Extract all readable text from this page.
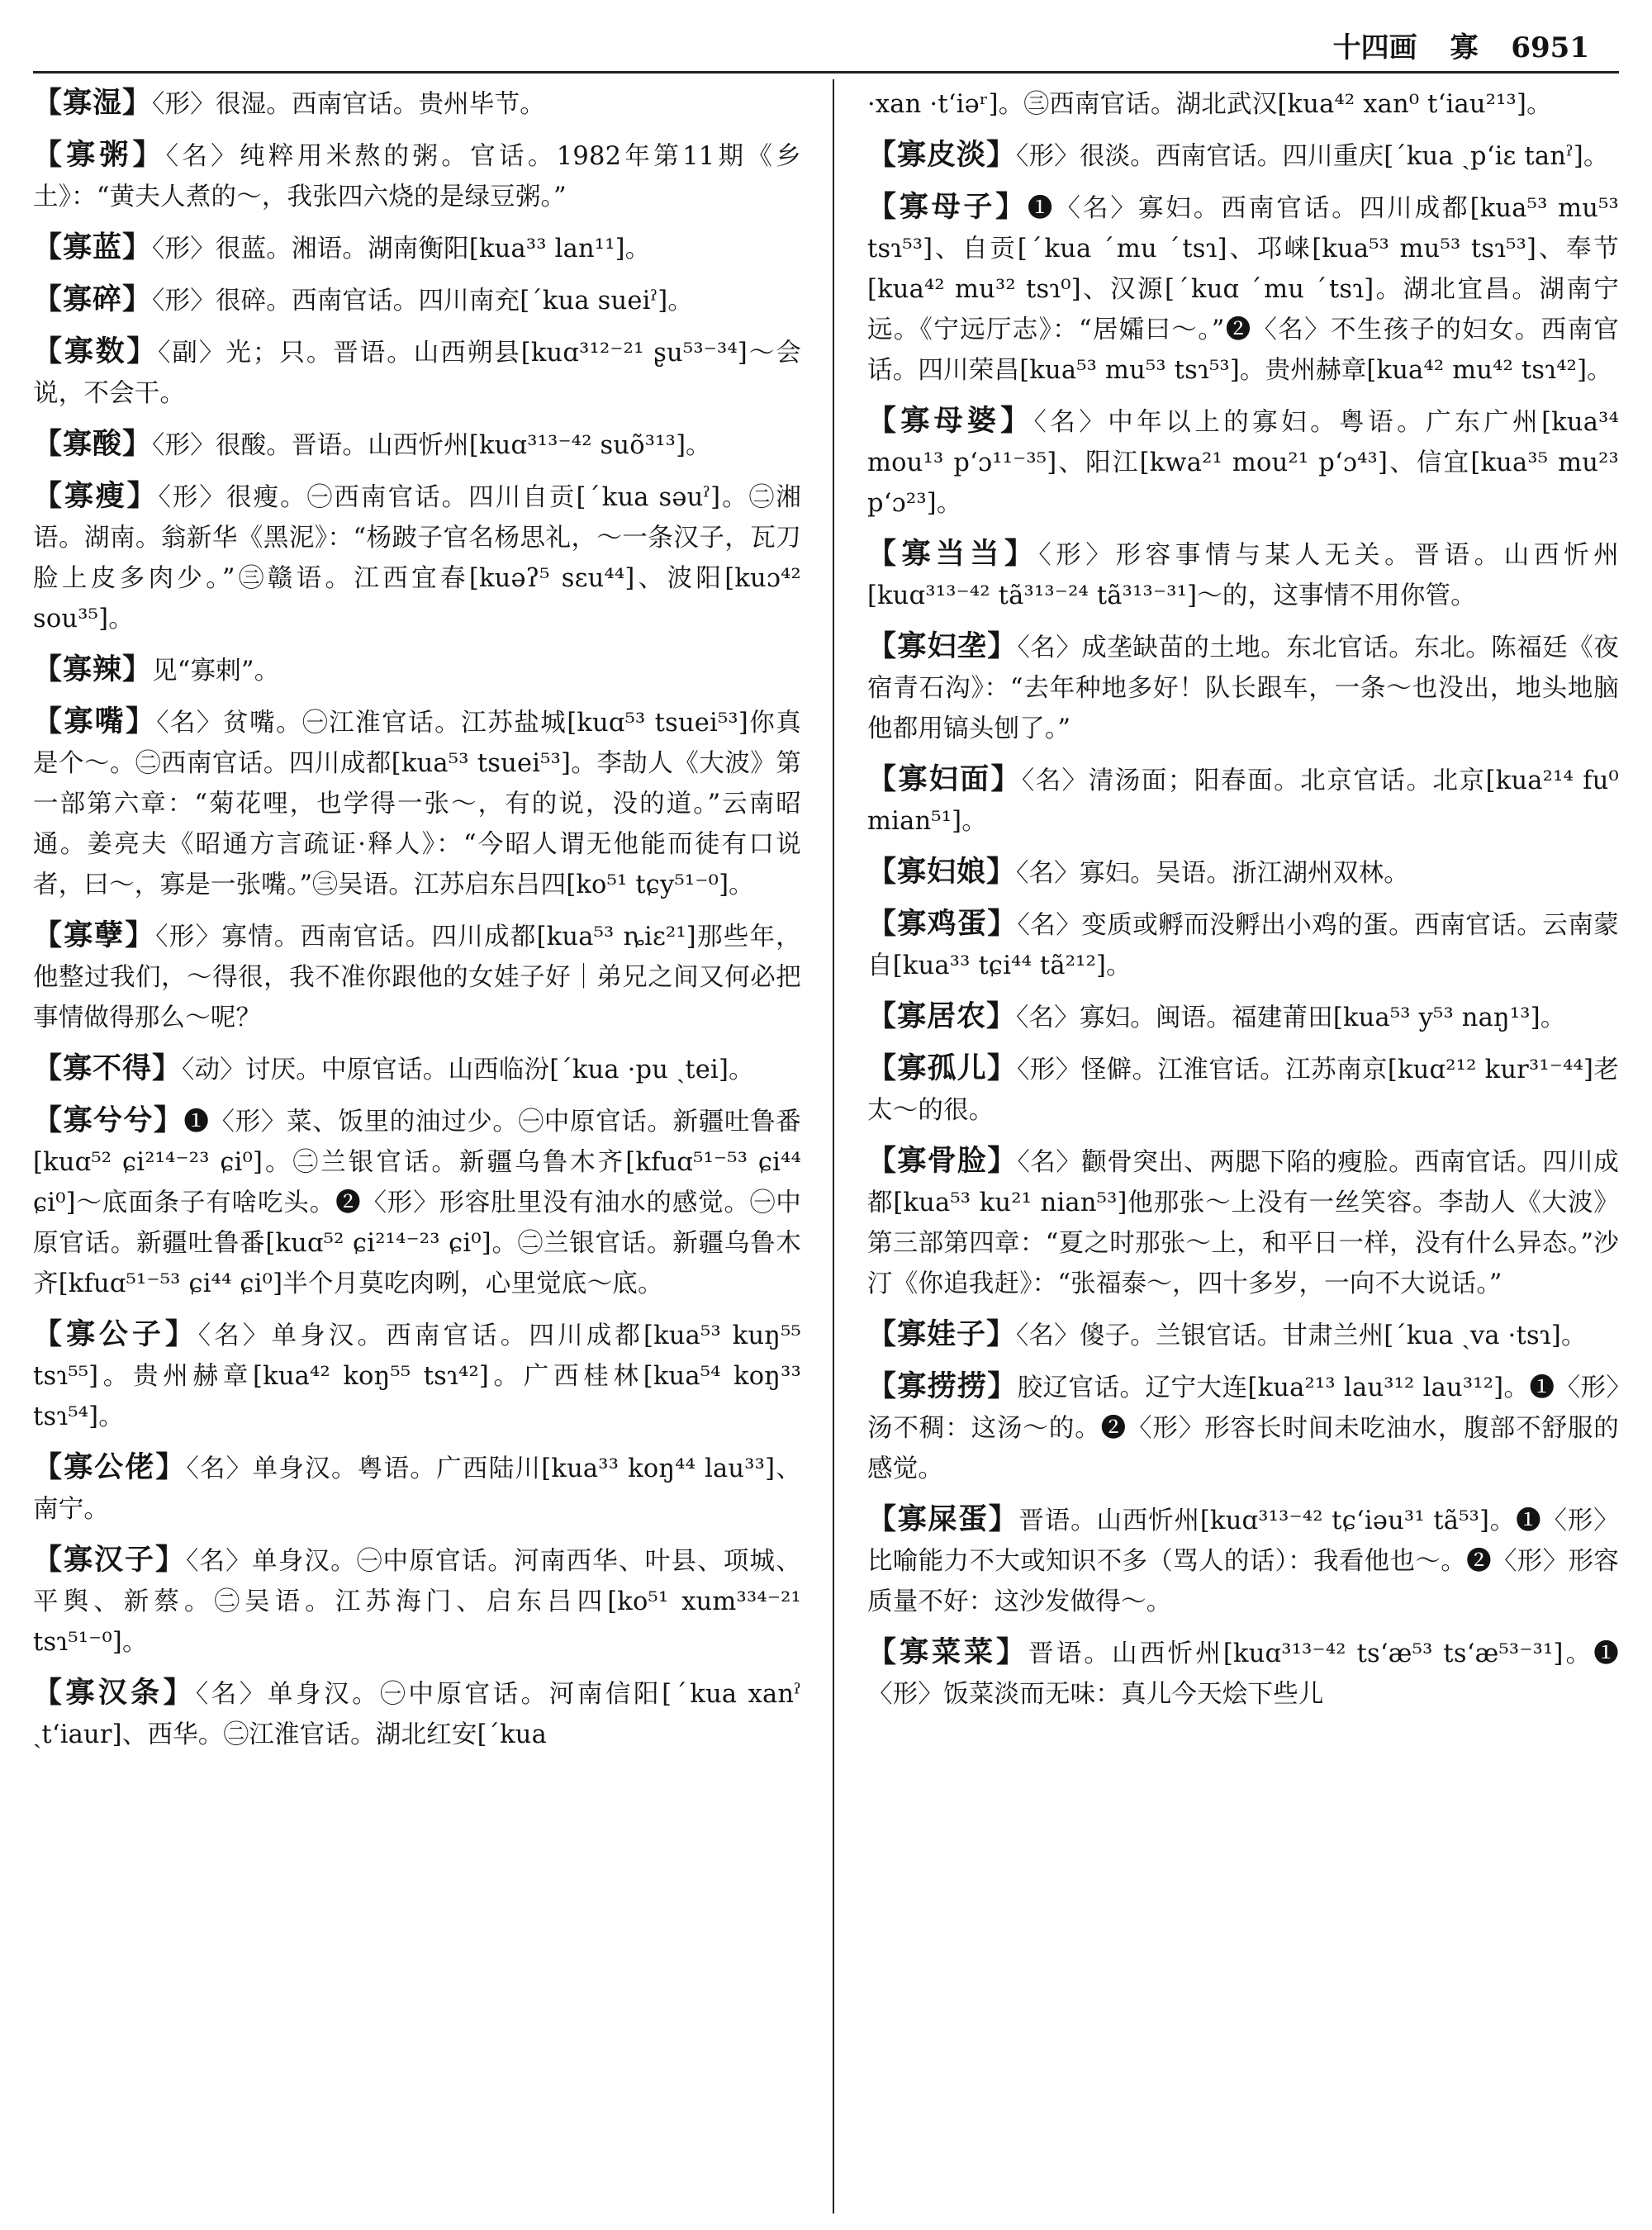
十四画 寡 6951

【寡湿】〈形〉很湿。西南官话。贵州毕节。

【寡粥】〈名〉纯粹用米熬的粥。官话。1982年第11期《乡土》：“黄夫人煮的～，我张四六烧的是绿豆粥。”

【寡蓝】〈形〉很蓝。湘语。湖南衡阳[kua³³ lan¹¹]。

【寡碎】〈形〉很碎。西南官话。四川南充[ˊkua sueiˀ]。

【寡数】〈副〉光；只。晋语。山西朔县[kuɑ³¹²⁻²¹ ʂu⁵³⁻³⁴]～会说，不会干。

【寡酸】〈形〉很酸。晋语。山西忻州[kuɑ³¹³⁻⁴² suõ³¹³]。

【寡瘦】〈形〉很瘦。㊀西南官话。四川自贡[ˊkua səuˀ]。㊁湘语。湖南。翁新华《黑泥》：“杨跛子官名杨思礼，～一条汉子，瓦刀脸上皮多肉少。”㊂赣语。江西宜春[kuəʔ⁵ sɛu⁴⁴]、波阳[kuɔ⁴² sou³⁵]。

【寡辣】见“寡剌”。

【寡嘴】〈名〉贫嘴。㊀江淮官话。江苏盐城[kuɑ⁵³ tsuei⁵³]你真是个～。㊁西南官话。四川成都[kua⁵³ tsuei⁵³]。李劼人《大波》第一部第六章：“菊花哩，也学得一张～，有的说，没的道。”云南昭通。姜亮夫《昭通方言疏证·释人》：“今昭人谓无他能而徒有口说者，曰～，寡是一张嘴。”㊂吴语。江苏启东吕四[ko⁵¹ tɕy⁵¹⁻⁰]。

【寡孽】〈形〉寡情。西南官话。四川成都[kua⁵³ ȵiɛ²¹]那些年，他整过我们，～得很，我不准你跟他的女娃子好｜弟兄之间又何必把事情做得那么～呢？

【寡不得】〈动〉讨厌。中原官话。山西临汾[ˊkua ·pu ˏtei]。

【寡兮兮】❶〈形〉菜、饭里的油过少。㊀中原官话。新疆吐鲁番[kuɑ⁵² ɕi²¹⁴⁻²³ ɕi⁰]。㊁兰银官话。新疆乌鲁木齐[kfuɑ⁵¹⁻⁵³ ɕi⁴⁴ ɕi⁰]～底面条子有啥吃头。❷〈形〉形容肚里没有油水的感觉。㊀中原官话。新疆吐鲁番[kuɑ⁵² ɕi²¹⁴⁻²³ ɕi⁰]。㊁兰银官话。新疆乌鲁木齐[kfuɑ⁵¹⁻⁵³ ɕi⁴⁴ ɕi⁰]半个月莫吃肉咧，心里觉底～底。

【寡公子】〈名〉单身汉。西南官话。四川成都[kua⁵³ kuŋ⁵⁵ tsɿ⁵⁵]。贵州赫章[kua⁴² koŋ⁵⁵ tsɿ⁴²]。广西桂林[kua⁵⁴ koŋ³³ tsɿ⁵⁴]。

【寡公佬】〈名〉单身汉。粤语。广西陆川[kua³³ koŋ⁴⁴ lau³³]、南宁。

【寡汉子】〈名〉单身汉。㊀中原官话。河南西华、叶县、项城、平舆、新蔡。㊁吴语。江苏海门、启东吕四[ko⁵¹ xum³³⁴⁻²¹ tsɿ⁵¹⁻⁰]。

【寡汉条】〈名〉单身汉。㊀中原官话。河南信阳[ˊkua xanˀ ˏtʻiaur]、西华。㊁江淮官话。湖北红安[ˊkua

·xan ·tʻiəʳ]。㊂西南官话。湖北武汉[kua⁴² xan⁰ tʻiau²¹³]。

【寡皮淡】〈形〉很淡。西南官话。四川重庆[ˊkua ˏpʻiɛ tanˀ]。

【寡母子】❶〈名〉寡妇。西南官话。四川成都[kua⁵³ mu⁵³ tsɿ⁵³]、自贡[ˊkua ˊmu ˊtsɿ]、邛崃[kua⁵³ mu⁵³ tsɿ⁵³]、奉节[kua⁴² mu³² tsɿ⁰]、汉源[ˊkuɑ ˊmu ˊtsɿ]。湖北宜昌。湖南宁远。《宁远厅志》：“居孀曰～。”❷〈名〉不生孩子的妇女。西南官话。四川荣昌[kua⁵³ mu⁵³ tsɿ⁵³]。贵州赫章[kua⁴² mu⁴² tsɿ⁴²]。

【寡母婆】〈名〉中年以上的寡妇。粤语。广东广州[kua³⁴ mou¹³ pʻɔ¹¹⁻³⁵]、阳江[kwa²¹ mou²¹ pʻɔ⁴³]、信宜[kua³⁵ mu²³ pʻɔ²³]。

【寡当当】〈形〉形容事情与某人无关。晋语。山西忻州[kuɑ³¹³⁻⁴² tã³¹³⁻²⁴ tã³¹³⁻³¹]～的，这事情不用你管。

【寡妇垄】〈名〉成垄缺苗的土地。东北官话。东北。陈福廷《夜宿青石沟》：“去年种地多好！队长跟车，一条～也没出，地头地脑他都用镐头刨了。”

【寡妇面】〈名〉清汤面；阳春面。北京官话。北京[kua²¹⁴ fu⁰ mian⁵¹]。

【寡妇娘】〈名〉寡妇。吴语。浙江湖州双林。

【寡鸡蛋】〈名〉变质或孵而没孵出小鸡的蛋。西南官话。云南蒙自[kua³³ tɕi⁴⁴ tã²¹²]。

【寡居农】〈名〉寡妇。闽语。福建莆田[kua⁵³ y⁵³ naŋ¹³]。

【寡孤儿】〈形〉怪僻。江淮官话。江苏南京[kuɑ²¹² kur³¹⁻⁴⁴]老太～的很。

【寡骨脸】〈名〉颧骨突出、两腮下陷的瘦脸。西南官话。四川成都[kua⁵³ ku²¹ nian⁵³]他那张～上没有一丝笑容。李劼人《大波》第三部第四章：“夏之时那张～上，和平日一样，没有什么异态。”沙汀《你追我赶》：“张福泰～，四十多岁，一向不大说话。”

【寡娃子】〈名〉傻子。兰银官话。甘肃兰州[ˊkua ˏva ·tsɿ]。

【寡捞捞】胶辽官话。辽宁大连[kua²¹³ lau³¹² lau³¹²]。❶〈形〉汤不稠：这汤～的。❷〈形〉形容长时间未吃油水，腹部不舒服的感觉。

【寡屎蛋】晋语。山西忻州[kuɑ³¹³⁻⁴² tɕʻiəu³¹ tã⁵³]。❶〈形〉比喻能力不大或知识不多（骂人的话）：我看他也～。❷〈形〉形容质量不好：这沙发做得～。

【寡菜菜】晋语。山西忻州[kuɑ³¹³⁻⁴² tsʻæ⁵³ tsʻæ⁵³⁻³¹]。❶〈形〉饭菜淡而无味：真儿今天烩下些儿
